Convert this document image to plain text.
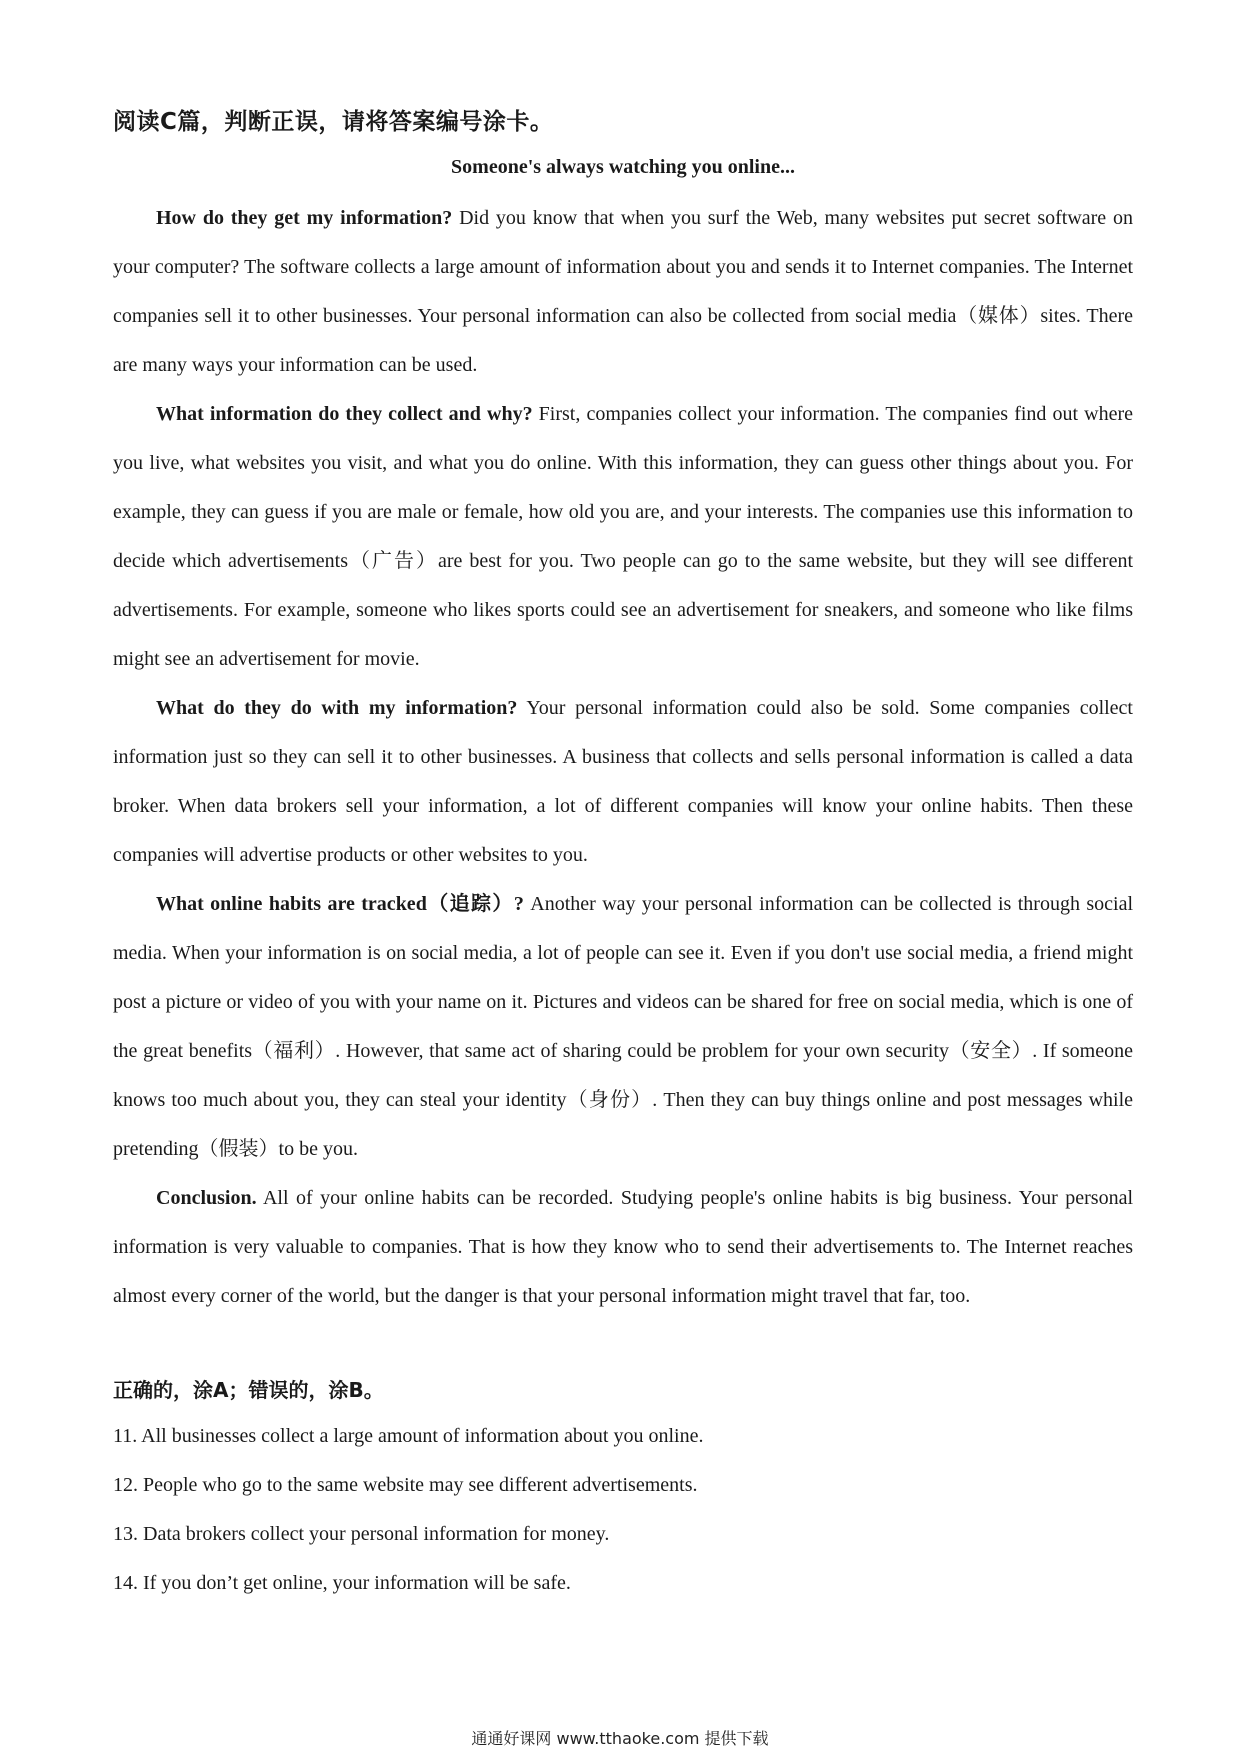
阅读C篇，判断正误，请将答案编号涂卡。
Someone's always watching you online...

How do they get my information? Did you know that when you surf the Web, many websites put secret software on your computer? The software collects a large amount of information about you and sends it to Internet companies. The Internet companies sell it to other businesses. Your personal information can also be collected from social media（媒体）sites. There are many ways your information can be used.

What information do they collect and why? First, companies collect your information. The companies find out where you live, what websites you visit, and what you do online. With this information, they can guess other things about you. For example, they can guess if you are male or female, how old you are, and your interests. The companies use this information to decide which advertisements（广告）are best for you. Two people can go to the same website, but they will see different advertisements. For example, someone who likes sports could see an advertisement for sneakers, and someone who like films might see an advertisement for movie.

What do they do with my information? Your personal information could also be sold. Some companies collect information just so they can sell it to other businesses. A business that collects and sells personal information is called a data broker. When data brokers sell your information, a lot of different companies will know your online habits. Then these companies will advertise products or other websites to you.

What online habits are tracked（追踪）? Another way your personal information can be collected is through social media. When your information is on social media, a lot of people can see it. Even if you don't use social media, a friend might post a picture or video of you with your name on it. Pictures and videos can be shared for free on social media, which is one of the great benefits（福利）. However, that same act of sharing could be problem for your own security（安全）. If someone knows too much about you, they can steal your identity（身份）. Then they can buy things online and post messages while pretending（假装）to be you.

Conclusion. All of your online habits can be recorded. Studying people's online habits is big business. Your personal information is very valuable to companies. That is how they know who to send their advertisements to. The Internet reaches almost every corner of the world, but the danger is that your personal information might travel that far, too.

正确的，涂A；错误的，涂B。
11. All businesses collect a large amount of information about you online.
12. People who go to the same website may see different advertisements.
13. Data brokers collect your personal information for money.
14. If you don’t get online, your information will be safe.
通通好课网 www.tthaoke.com 提供下载
